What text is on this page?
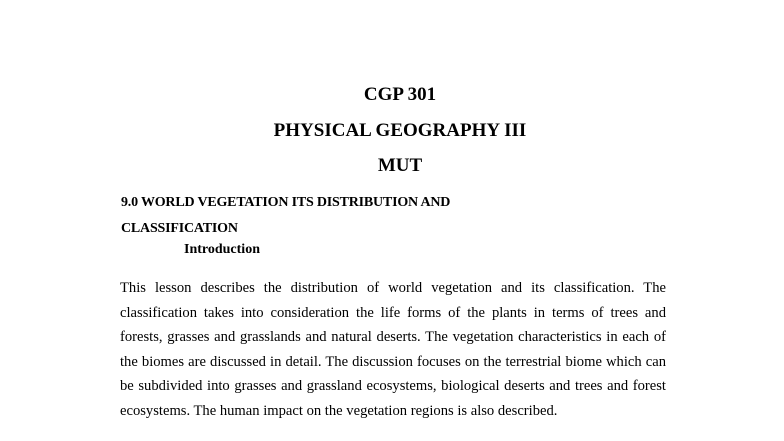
CGP 301
PHYSICAL GEOGRAPHY III
MUT
9.0 WORLD VEGETATION ITS DISTRIBUTION AND CLASSIFICATION
Introduction

This lesson describes the distribution of world vegetation and its classification. The classification takes into consideration the life forms of the plants in terms of trees and forests, grasses and grasslands and natural deserts. The vegetation characteristics in each of the biomes are discussed in detail. The discussion focuses on the terrestrial biome which can be subdivided into grasses and grassland ecosystems, biological deserts and trees and forest ecosystems. The human impact on the vegetation regions is also described.
